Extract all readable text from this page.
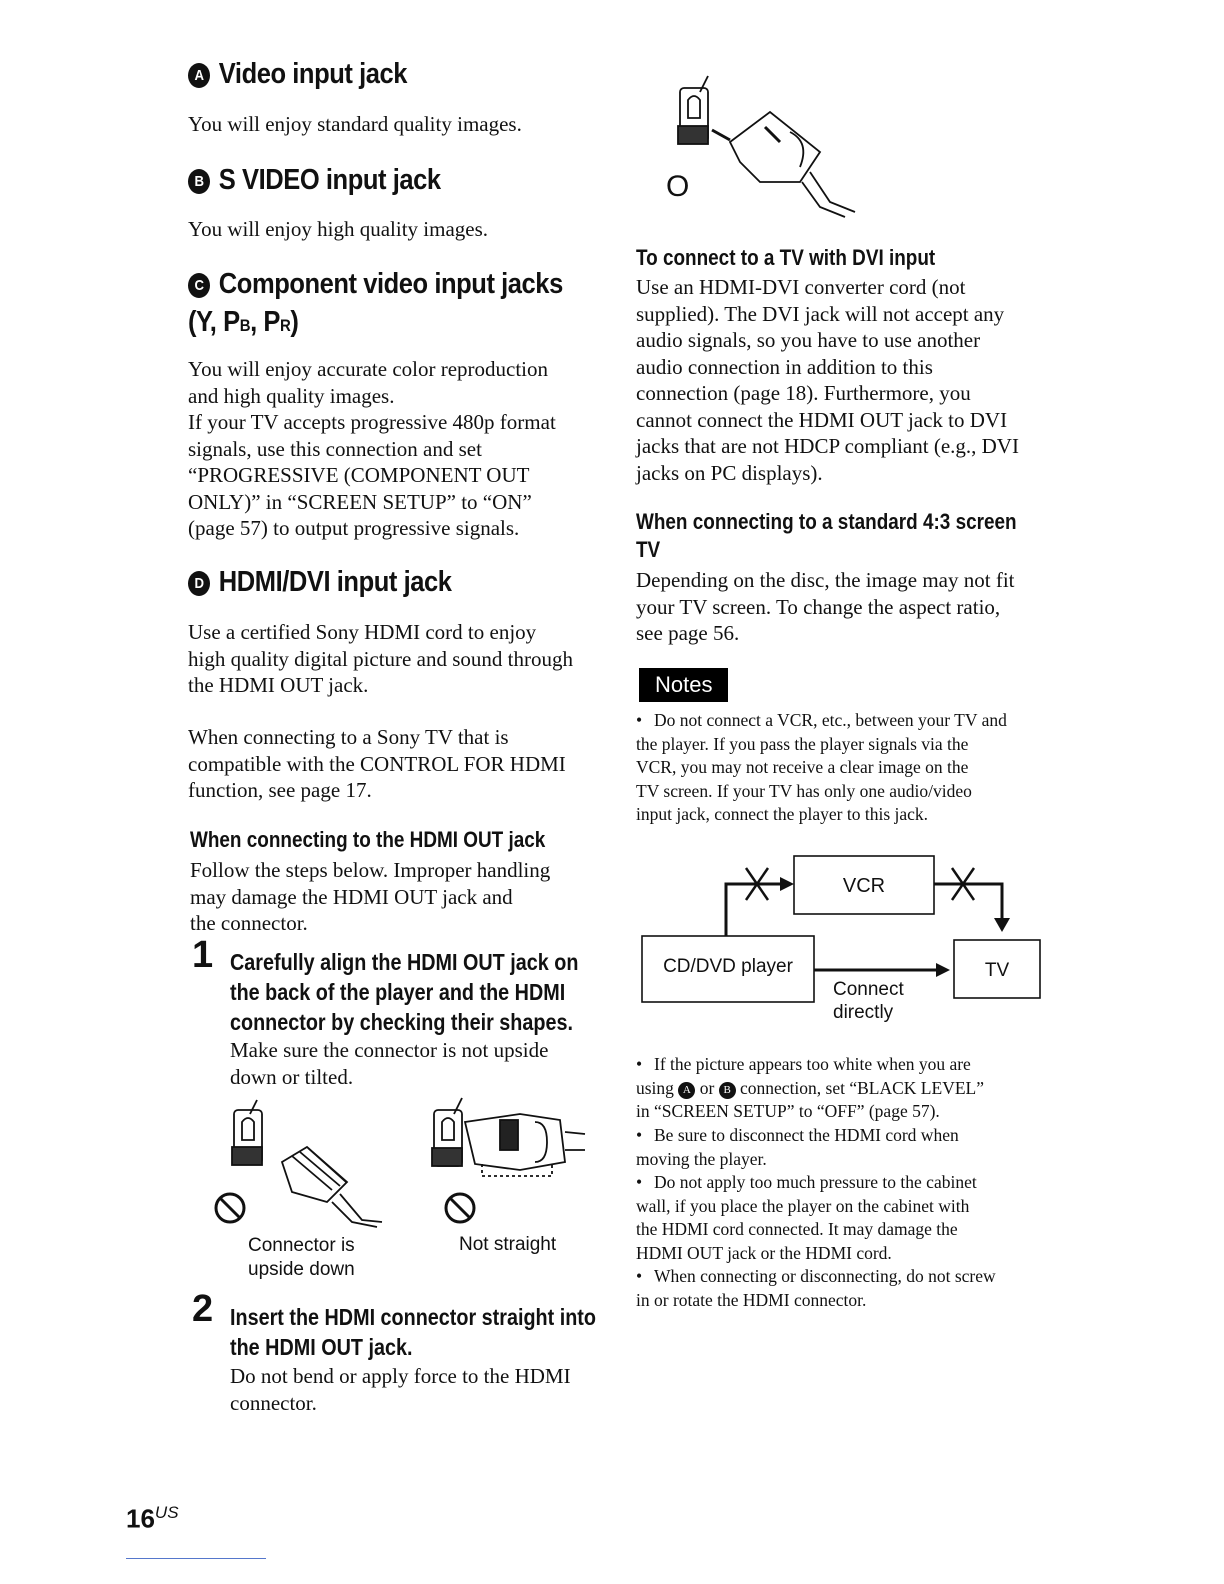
A Video input jack
You will enjoy standard quality images.
B S VIDEO input jack
You will enjoy high quality images.
C Component video input jacks
(Y, PB, PR)
You will enjoy accurate color reproduction
and high quality images.
If your TV accepts progressive 480p format
signals, use this connection and set
“PROGRESSIVE (COMPONENT OUT
ONLY)” in “SCREEN SETUP” to “ON”
(page 57) to output progressive signals.
D HDMI/DVI input jack
Use a certified Sony HDMI cord to enjoy
high quality digital picture and sound through
the HDMI OUT jack.
When connecting to a Sony TV that is
compatible with the CONTROL FOR HDMI
function, see page 17.
When connecting to the HDMI OUT jack
Follow the steps below. Improper handling
may damage the HDMI OUT jack and
the connector.
1 Carefully align the HDMI OUT jack on
the back of the player and the HDMI
connector by checking their shapes.
Make sure the connector is not upside
down or tilted.
Connector is
upside down
Not straight
2 Insert the HDMI connector straight into
the HDMI OUT jack.
Do not bend or apply force to the HDMI
connector.
$16^{US}$
O
To connect to a TV with DVI input
Use an HDMI-DVI converter cord (not
supplied). The DVI jack will not accept any
audio signals, so you have to use another
audio connection in addition to this
connection (page 18). Furthermore, you
cannot connect the HDMI OUT jack to DVI
jacks that are not HDCP compliant (e.g., DVI
jacks on PC displays).
When connecting to a standard 4:3 screen
TV
Depending on the disc, the image may not fit
your TV screen. To change the aspect ratio,
see page 56.
Notes
• Do not connect a VCR, etc., between your TV and
the player. If you pass the player signals via the
VCR, you may not receive a clear image on the
TV screen. If your TV has only one audio/video
input jack, connect the player to this jack.
VCR
CD/DVD player	TV
Connect
directly
• If the picture appears too white when you are
using A or B connection, set “BLACK LEVEL”
in “SCREEN SETUP” to “OFF” (page 57).
• Be sure to disconnect the HDMI cord when
moving the player.
• Do not apply too much pressure to the cabinet
wall, if you place the player on the cabinet with
the HDMI cord connected. It may damage the
HDMI OUT jack or the HDMI cord.
• When connecting or disconnecting, do not screw
in or rotate the HDMI connector.
